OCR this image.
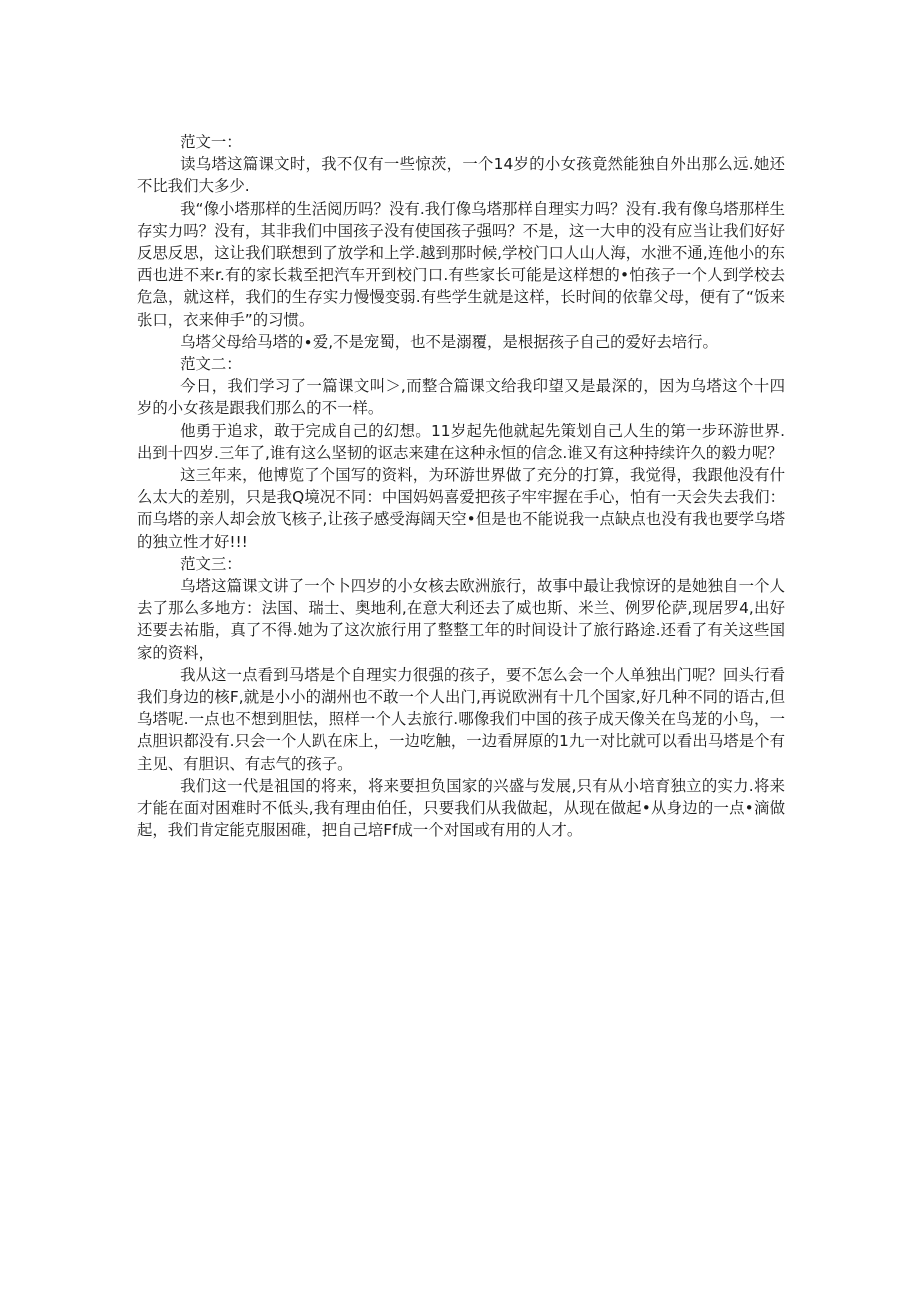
范文一：

读乌塔这篇课文时，我不仅有一些惊茨，一个14岁的小女孩竟然能独自外出那么远.她还不比我们大多少.

我“像小塔那样的生活阅历吗？没有.我仃像乌塔那样自理实力吗？没有.我有像乌塔那样生存实力吗？没有，其非我们中国孩子没有使国孩子强吗？不是，这一大申的没有应当让我们好好反思反思，这让我们联想到了放学和上学.越到那时候,学校门口人山人海，水泄不通,连他小的东西也进不来r.有的家长栽至把汽车开到校门口.有些家长可能是这样想的•怕孩子一个人到学校去危急，就这样，我们的生存实力慢慢变弱.有些学生就是这样，长时间的依靠父母，便有了“饭来张口，衣来伸手”的习惯。

乌塔父母给马塔的∙爱,不是宠蜀，也不是溺覆，是根据孩子自己的爱好去培行。

范文二：

今日，我们学习了一篇课文叫＞,而整合篇课文给我印望又是最深的，因为乌塔这个十四岁的小女孩是跟我们那么的不一样。

他勇于追求，敢于完成自己的幻想。11岁起先他就起先策划自己人生的第一步环游世界.出到十四岁.三年了,谁有这么坚韧的讴志来建在这种永恒的信念.谁又有这种持续许久的毅力呢？

这三年来，他博览了个国写的资料，为环游世界做了充分的打算，我觉得，我跟他没有什么太大的差别，只是我Q境况不同：中国妈妈喜爱把孩子牢牢握在手心，怕有一天会失去我们：而乌塔的亲人却会放飞核子,让孩子感受海阔天空•但是也不能说我一点缺点也没有我也要学乌塔的独立性才好!!!

范文三：

乌塔这篇课文讲了一个卜四岁的小女核去欧洲旅行，故事中最让我惊讶的是她独自一个人去了那么多地方：法国、瑞士、奥地利,在意大利还去了威也斯、米兰、例罗伦萨,现居罗4,出好还要去祐脂，真了不得.她为了这次旅行用了整整工年的时间设计了旅行路途.还看了有关这些国家的资料，

我从这一点看到马塔是个自理实力很强的孩子，要不怎么会一个人单独出门呢？回头行看我们身边的核F,就是小小的湖州也不敢一个人出门,再说欧洲有十几个国家,好几种不同的语古,但乌塔呢.一点也不想到胆怯，照样一个人去旅行.哪像我们中国的孩子成天像关在鸟茏的小鸟，一点胆识都没有.只会一个人趴在床上，一边吃触，一边看屏原的1九一对比就可以看出马塔是个有主见、有胆识、有志气的孩子。

我们这一代是祖国的将来，将来要担负国家的兴盛与发展,只有从小培育独立的实力.将来才能在面对困难时不低头,我有理由伯任，只要我们从我做起，从现在做起•从身边的一点•滴做起，我们肯定能克服困碓，把自己培Ff成一个对国或有用的人才。
